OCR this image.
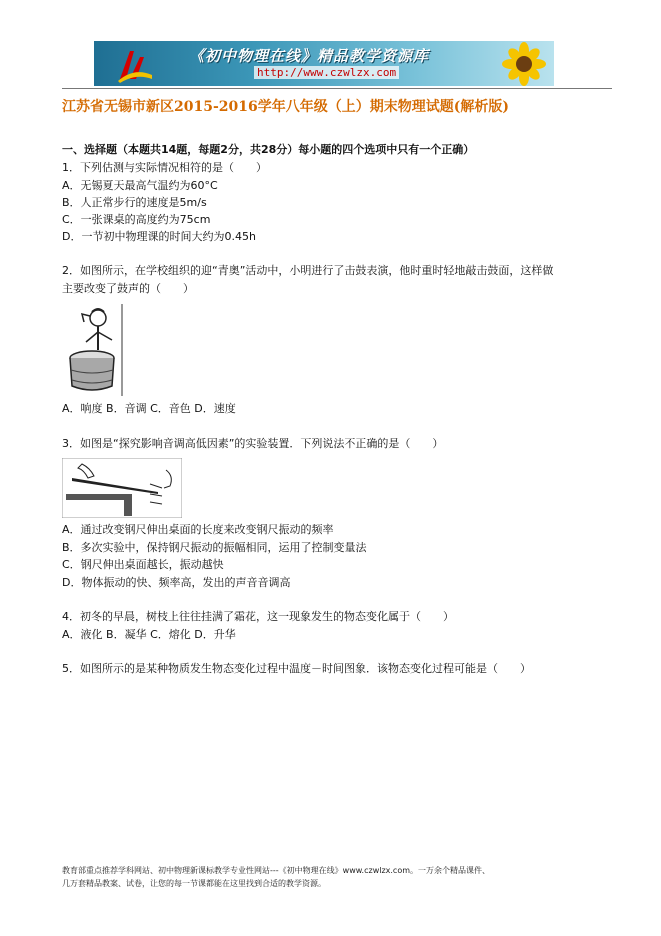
《初中物理在线》精品教学资源库
http://www.czwlzx.com
江苏省无锡市新区2015-2016学年八年级（上）期末物理试题(解析版)
一、选择题（本题共14题，每题2分，共28分）每小题的四个选项中只有一个正确）
1．下列估测与实际情况相符的是（　　）
A．无锡夏天最高气温约为60°C
B．人正常步行的速度是5m/s
C．一张课桌的高度约为75cm
D．一节初中物理课的时间大约为0.45h
2．如图所示，在学校组织的迎“青奥”活动中，小明进行了击鼓表演，他时重时轻地敲击鼓面，这样做
主要改变了鼓声的（　　）
A．响度 B．音调 C．音色 D．速度
3．如图是“探究影响音调高低因素”的实验装置．下列说法不正确的是（　　）
A．通过改变钢尺伸出桌面的长度来改变钢尺振动的频率
B．多次实验中，保持钢尺振动的振幅相同，运用了控制变量法
C．钢尺伸出桌面越长，振动越快
D．物体振动的快、频率高，发出的声音音调高
4．初冬的早晨，树枝上往往挂满了霜花，这一现象发生的物态变化属于（　　）
A．液化 B．凝华 C．熔化 D．升华
5．如图所示的是某种物质发生物态变化过程中温度－时间图象．该物态变化过程可能是（　　）
教育部重点推荐学科网站、初中物理新课标教学专业性网站---《初中物理在线》www.czwlzx.com。一万余个精品课件、
几万套精品教案、试卷，让您的每一节课都能在这里找到合适的教学资源。
